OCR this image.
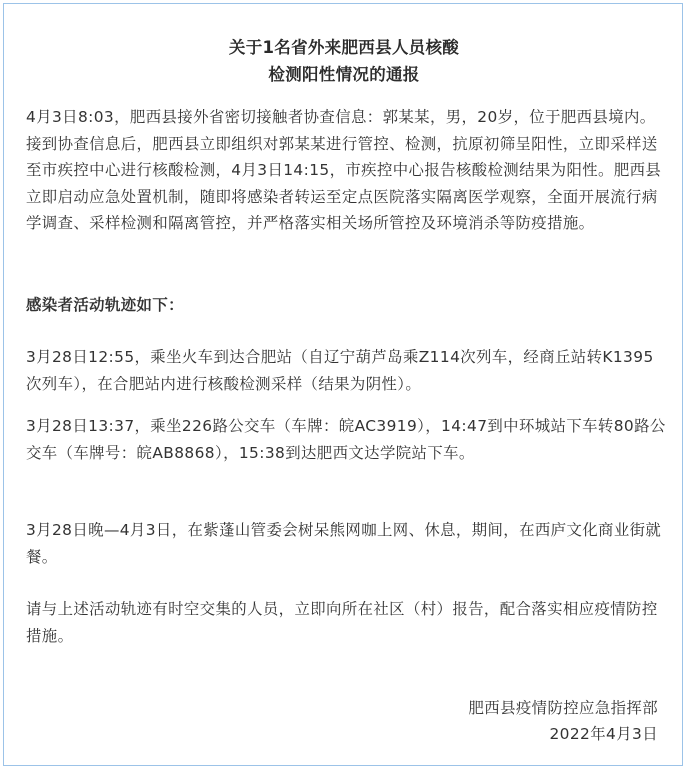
关于1名省外来肥西县人员核酸
检测阳性情况的通报

4月3日8:03，肥西县接外省密切接触者协查信息：郭某某，男，20岁，位于肥西县境内。接到协查信息后，肥西县立即组织对郭某某进行管控、检测，抗原初筛呈阳性，立即采样送至市疾控中心进行核酸检测，4月3日14:15，市疾控中心报告核酸检测结果为阳性。肥西县立即启动应急处置机制，随即将感染者转运至定点医院落实隔离医学观察，全面开展流行病学调查、采样检测和隔离管控，并严格落实相关场所管控及环境消杀等防疫措施。

感染者活动轨迹如下：

3月28日12:55，乘坐火车到达合肥站（自辽宁葫芦岛乘Z114次列车，经商丘站转K1395次列车），在合肥站内进行核酸检测采样（结果为阴性）。

3月28日13:37，乘坐226路公交车（车牌：皖AC3919），14:47到中环城站下车转80路公交车（车牌号：皖AB8868），15:38到达肥西文达学院站下车。

3月28日晚—4月3日，在紫蓬山管委会树呆熊网咖上网、休息，期间，在西庐文化商业街就餐。

请与上述活动轨迹有时空交集的人员，立即向所在社区（村）报告，配合落实相应疫情防控措施。

肥西县疫情防控应急指挥部
2022年4月3日
